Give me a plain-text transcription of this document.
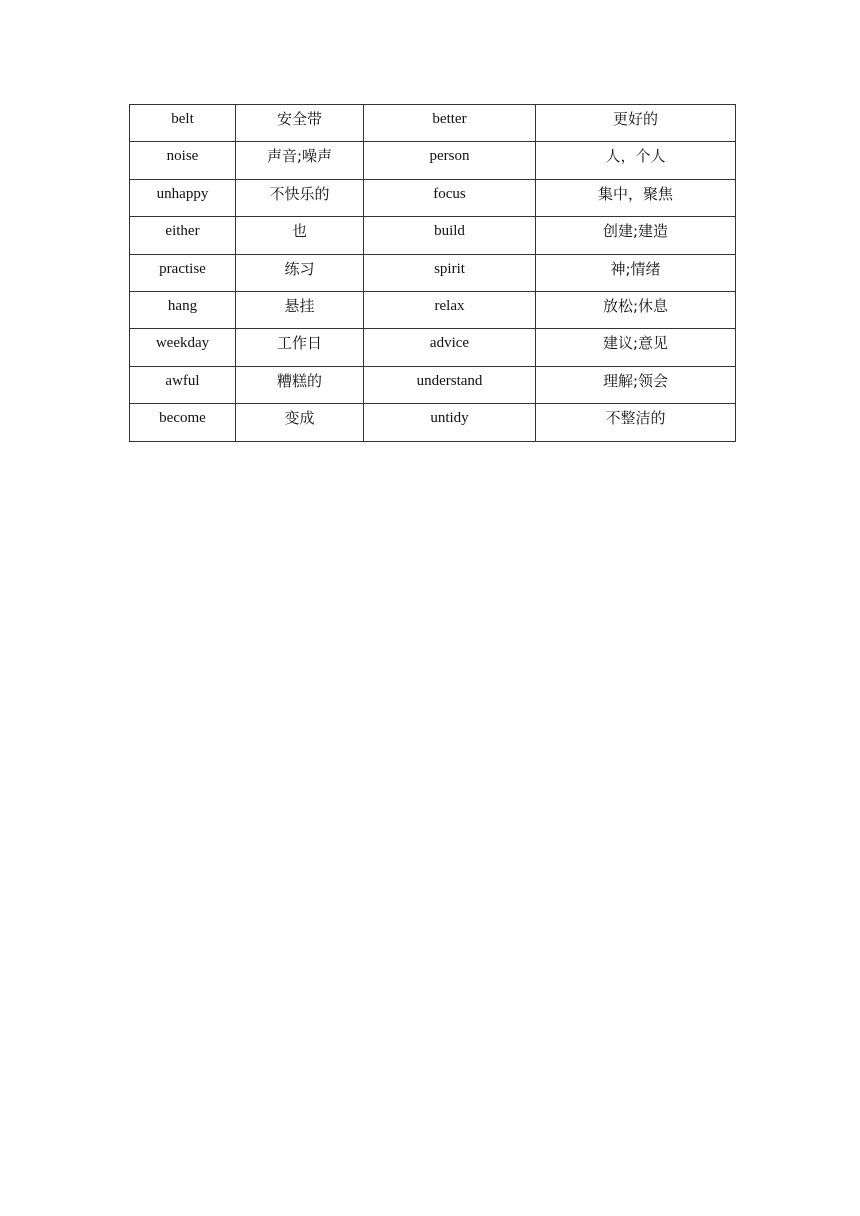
belt	安全带	better	更好的

noise	声音;噪声	person	人，个人

unhappy	不快乐的	focus	集中，聚焦

either	也	build	创建;建造

practise	练习	spirit	神;情绪

hang	悬挂	relax	放松;休息

weekday	工作日	advice	建议;意见

awful	糟糕的	understand	理解;领会

become	变成	untidy	不整洁的
